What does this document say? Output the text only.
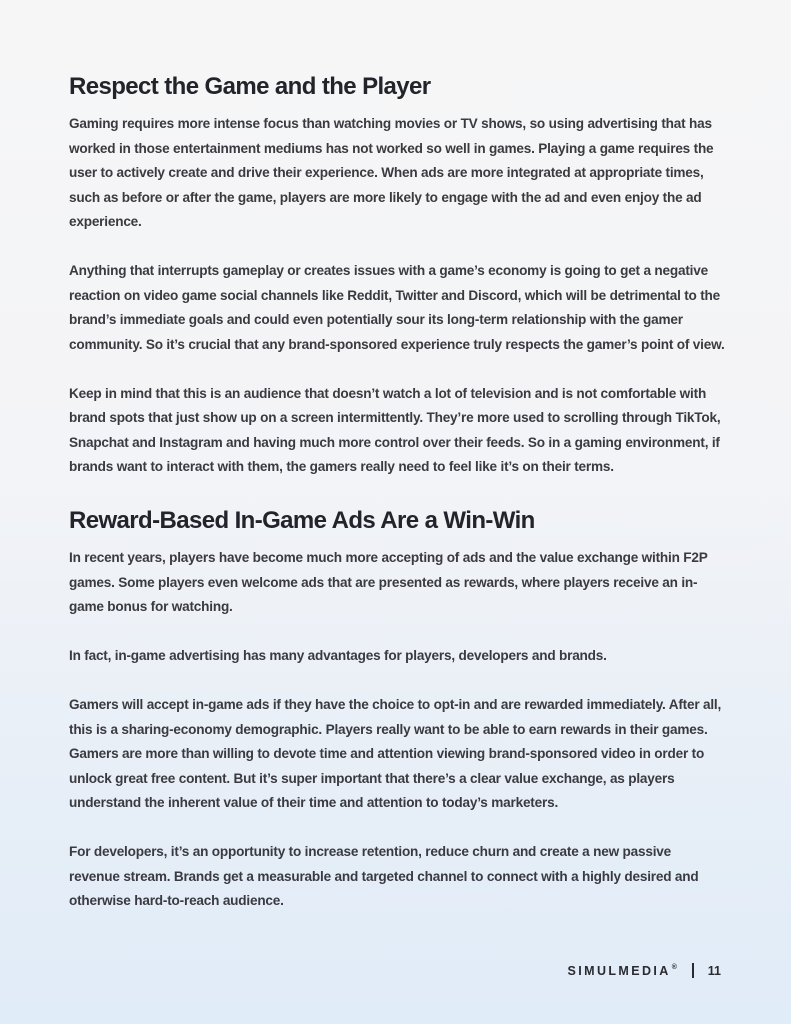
Respect the Game and the Player

Gaming requires more intense focus than watching movies or TV shows, so using advertising that has worked in those entertainment mediums has not worked so well in games. Playing a game requires the user to actively create and drive their experience. When ads are more integrated at appropriate times, such as before or after the game, players are more likely to engage with the ad and even enjoy the ad experience.

Anything that interrupts gameplay or creates issues with a game’s economy is going to get a negative reaction on video game social channels like Reddit, Twitter and Discord, which will be detrimental to the brand’s immediate goals and could even potentially sour its long-term relationship with the gamer community. So it’s crucial that any brand-sponsored experience truly respects the gamer’s point of view.

Keep in mind that this is an audience that doesn’t watch a lot of television and is not comfortable with brand spots that just show up on a screen intermittently. They’re more used to scrolling through TikTok, Snapchat and Instagram and having much more control over their feeds. So in a gaming environment, if brands want to interact with them, the gamers really need to feel like it’s on their terms.

Reward-Based In-Game Ads Are a Win-Win

In recent years, players have become much more accepting of ads and the value exchange within F2P games. Some players even welcome ads that are presented as rewards, where players receive an in-game bonus for watching.

In fact, in-game advertising has many advantages for players, developers and brands.

Gamers will accept in-game ads if they have the choice to opt-in and are rewarded immediately. After all, this is a sharing-economy demographic. Players really want to be able to earn rewards in their games. Gamers are more than willing to devote time and attention viewing brand-sponsored video in order to unlock great free content. But it’s super important that there’s a clear value exchange, as players understand the inherent value of their time and attention to today’s marketers.

For developers, it’s an opportunity to increase retention, reduce churn and create a new passive revenue stream. Brands get a measurable and targeted channel to connect with a highly desired and otherwise hard-to-reach audience.

SIMULMEDIA® 11
